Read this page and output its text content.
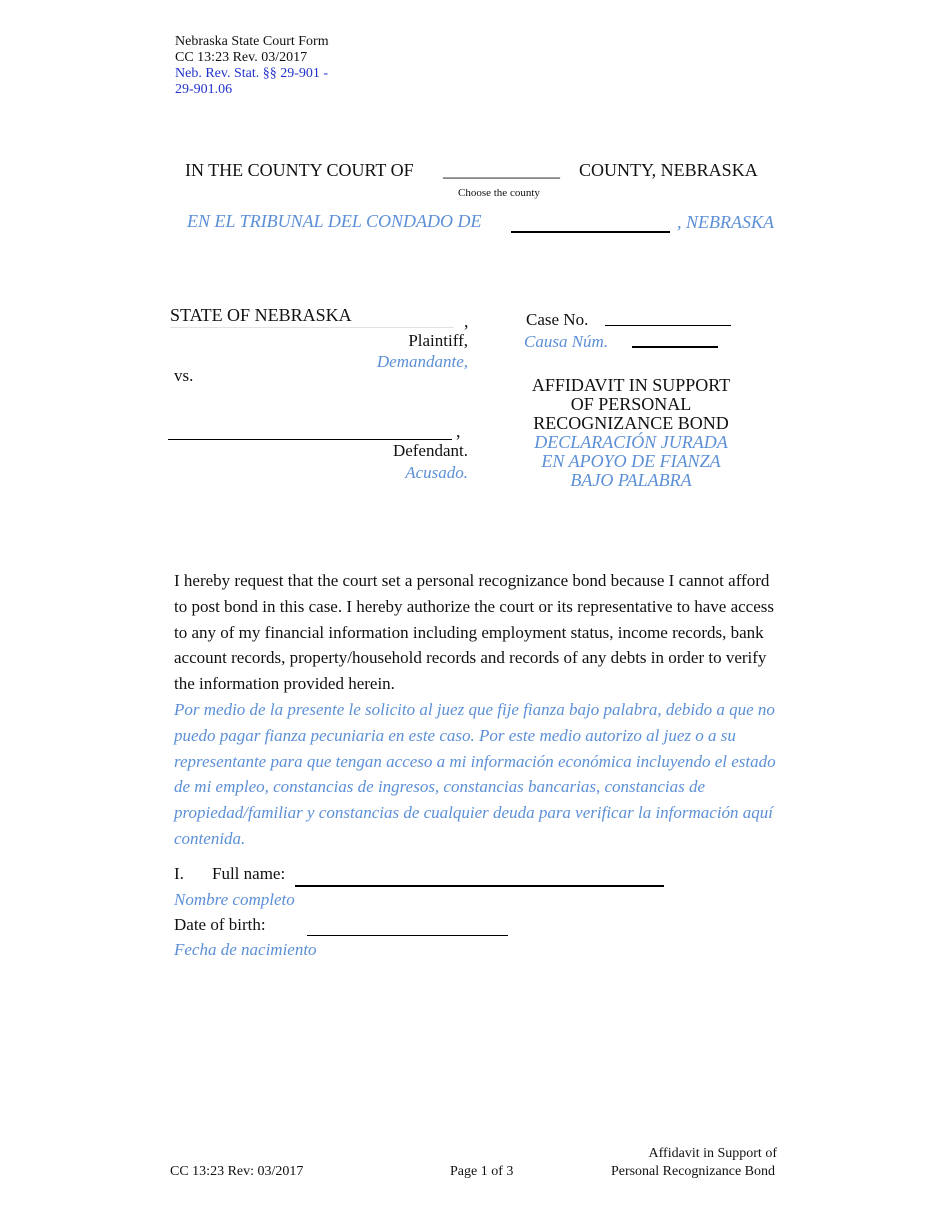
Nebraska State Court Form
CC 13:23 Rev. 03/2017
Neb. Rev. Stat. §§ 29-901 -
29-901.06
IN THE COUNTY COURT OF _____________ COUNTY, NEBRASKA
Choose the county
EN EL TRIBUNAL DEL CONDADO DE	, NEBRASKA
STATE OF NEBRASKA	,
Plaintiff,
Demandante,
vs.
,
Defendant.
Acusado.
Case No.
Causa Núm.
AFFIDAVIT IN SUPPORT
OF PERSONAL
RECOGNIZANCE BOND
DECLARACIÓN JURADA
EN APOYO DE FIANZA
BAJO PALABRA
I hereby request that the court set a personal recognizance bond because I cannot afford to post bond in this case. I hereby authorize the court or its representative to have access to any of my financial information including employment status, income records, bank account records, property/household records and records of any debts in order to verify the information provided herein.
Por medio de la presente le solicito al juez que fije fianza bajo palabra, debido a que no puedo pagar fianza pecuniaria en este caso. Por este medio autorizo al juez o a su representante para que tengan acceso a mi información económica incluyendo el estado de mi empleo, constancias de ingresos, constancias bancarias, constancias de propiedad/familiar y constancias de cualquier deuda para verificar la información aquí contenida.
I. Full name:
Nombre completo
Date of birth:
Fecha de nacimiento
CC 13:23 Rev: 03/2017	Page 1 of 3
Affidavit in Support of
Personal Recognizance Bond
